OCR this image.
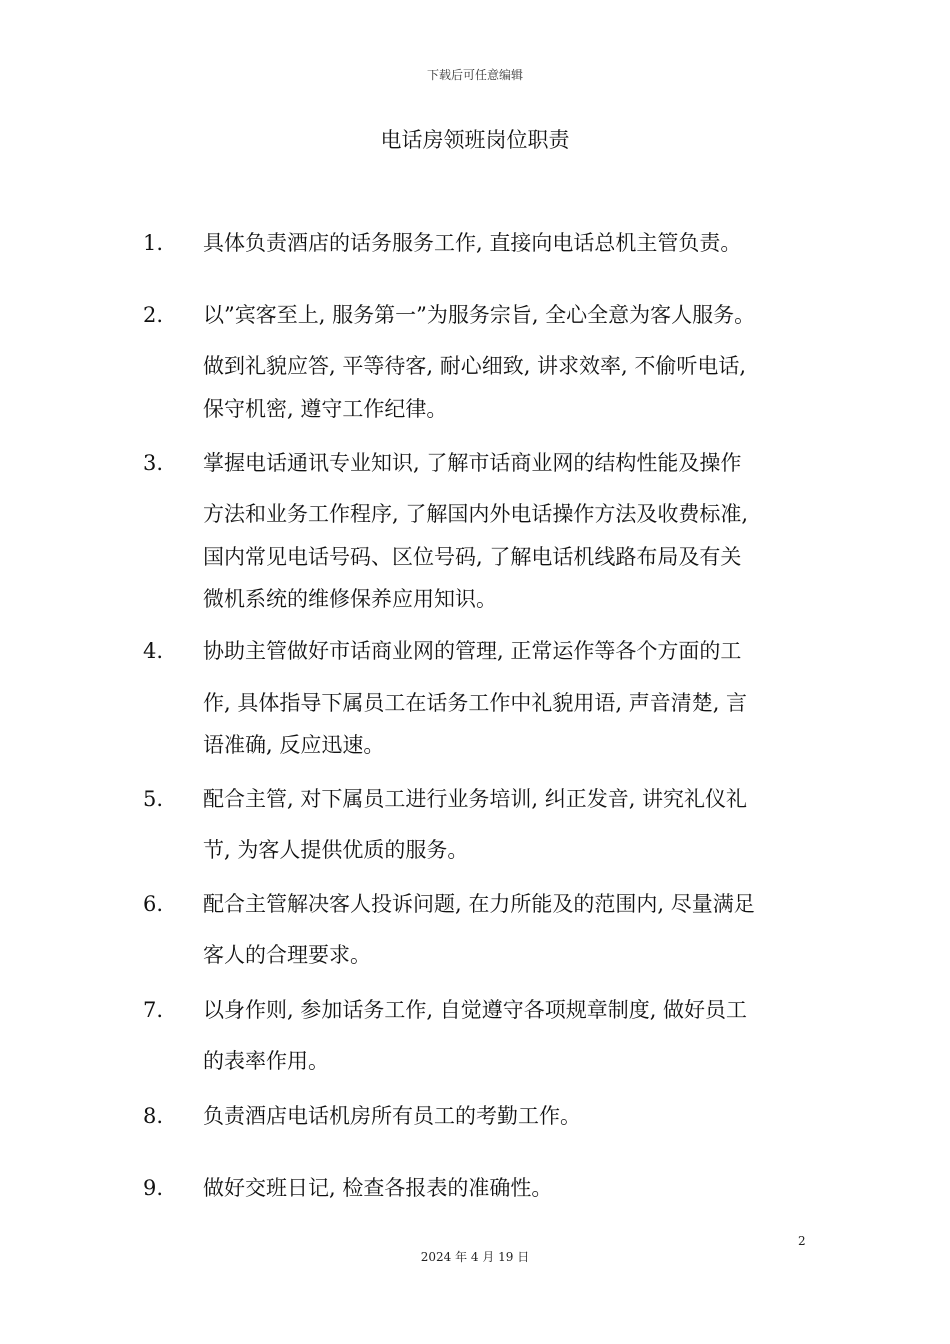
下载后可任意编辑
电话房领班岗位职责
1. 具体负责酒店的话务服务工作, 直接向电话总机主管负责。
2. 以”宾客至上, 服务第一”为服务宗旨, 全心全意为客人服务。
做到礼貌应答, 平等待客, 耐心细致, 讲求效率, 不偷听电话,
保守机密, 遵守工作纪律。
3. 掌握电话通讯专业知识, 了解市话商业网的结构性能及操作
方法和业务工作程序, 了解国内外电话操作方法及收费标准,
国内常见电话号码、区位号码, 了解电话机线路布局及有关
微机系统的维修保养应用知识。
4. 协助主管做好市话商业网的管理, 正常运作等各个方面的工
作, 具体指导下属员工在话务工作中礼貌用语, 声音清楚, 言
语准确, 反应迅速。
5. 配合主管, 对下属员工进行业务培训, 纠正发音, 讲究礼仪礼
节, 为客人提供优质的服务。
6. 配合主管解决客人投诉问题, 在力所能及的范围内, 尽量满足
客人的合理要求。
7. 以身作则, 参加话务工作, 自觉遵守各项规章制度, 做好员工
的表率作用。
8. 负责酒店电话机房所有员工的考勤工作。
9. 做好交班日记, 检查各报表的准确性。
2
2024 年 4 月 19 日
